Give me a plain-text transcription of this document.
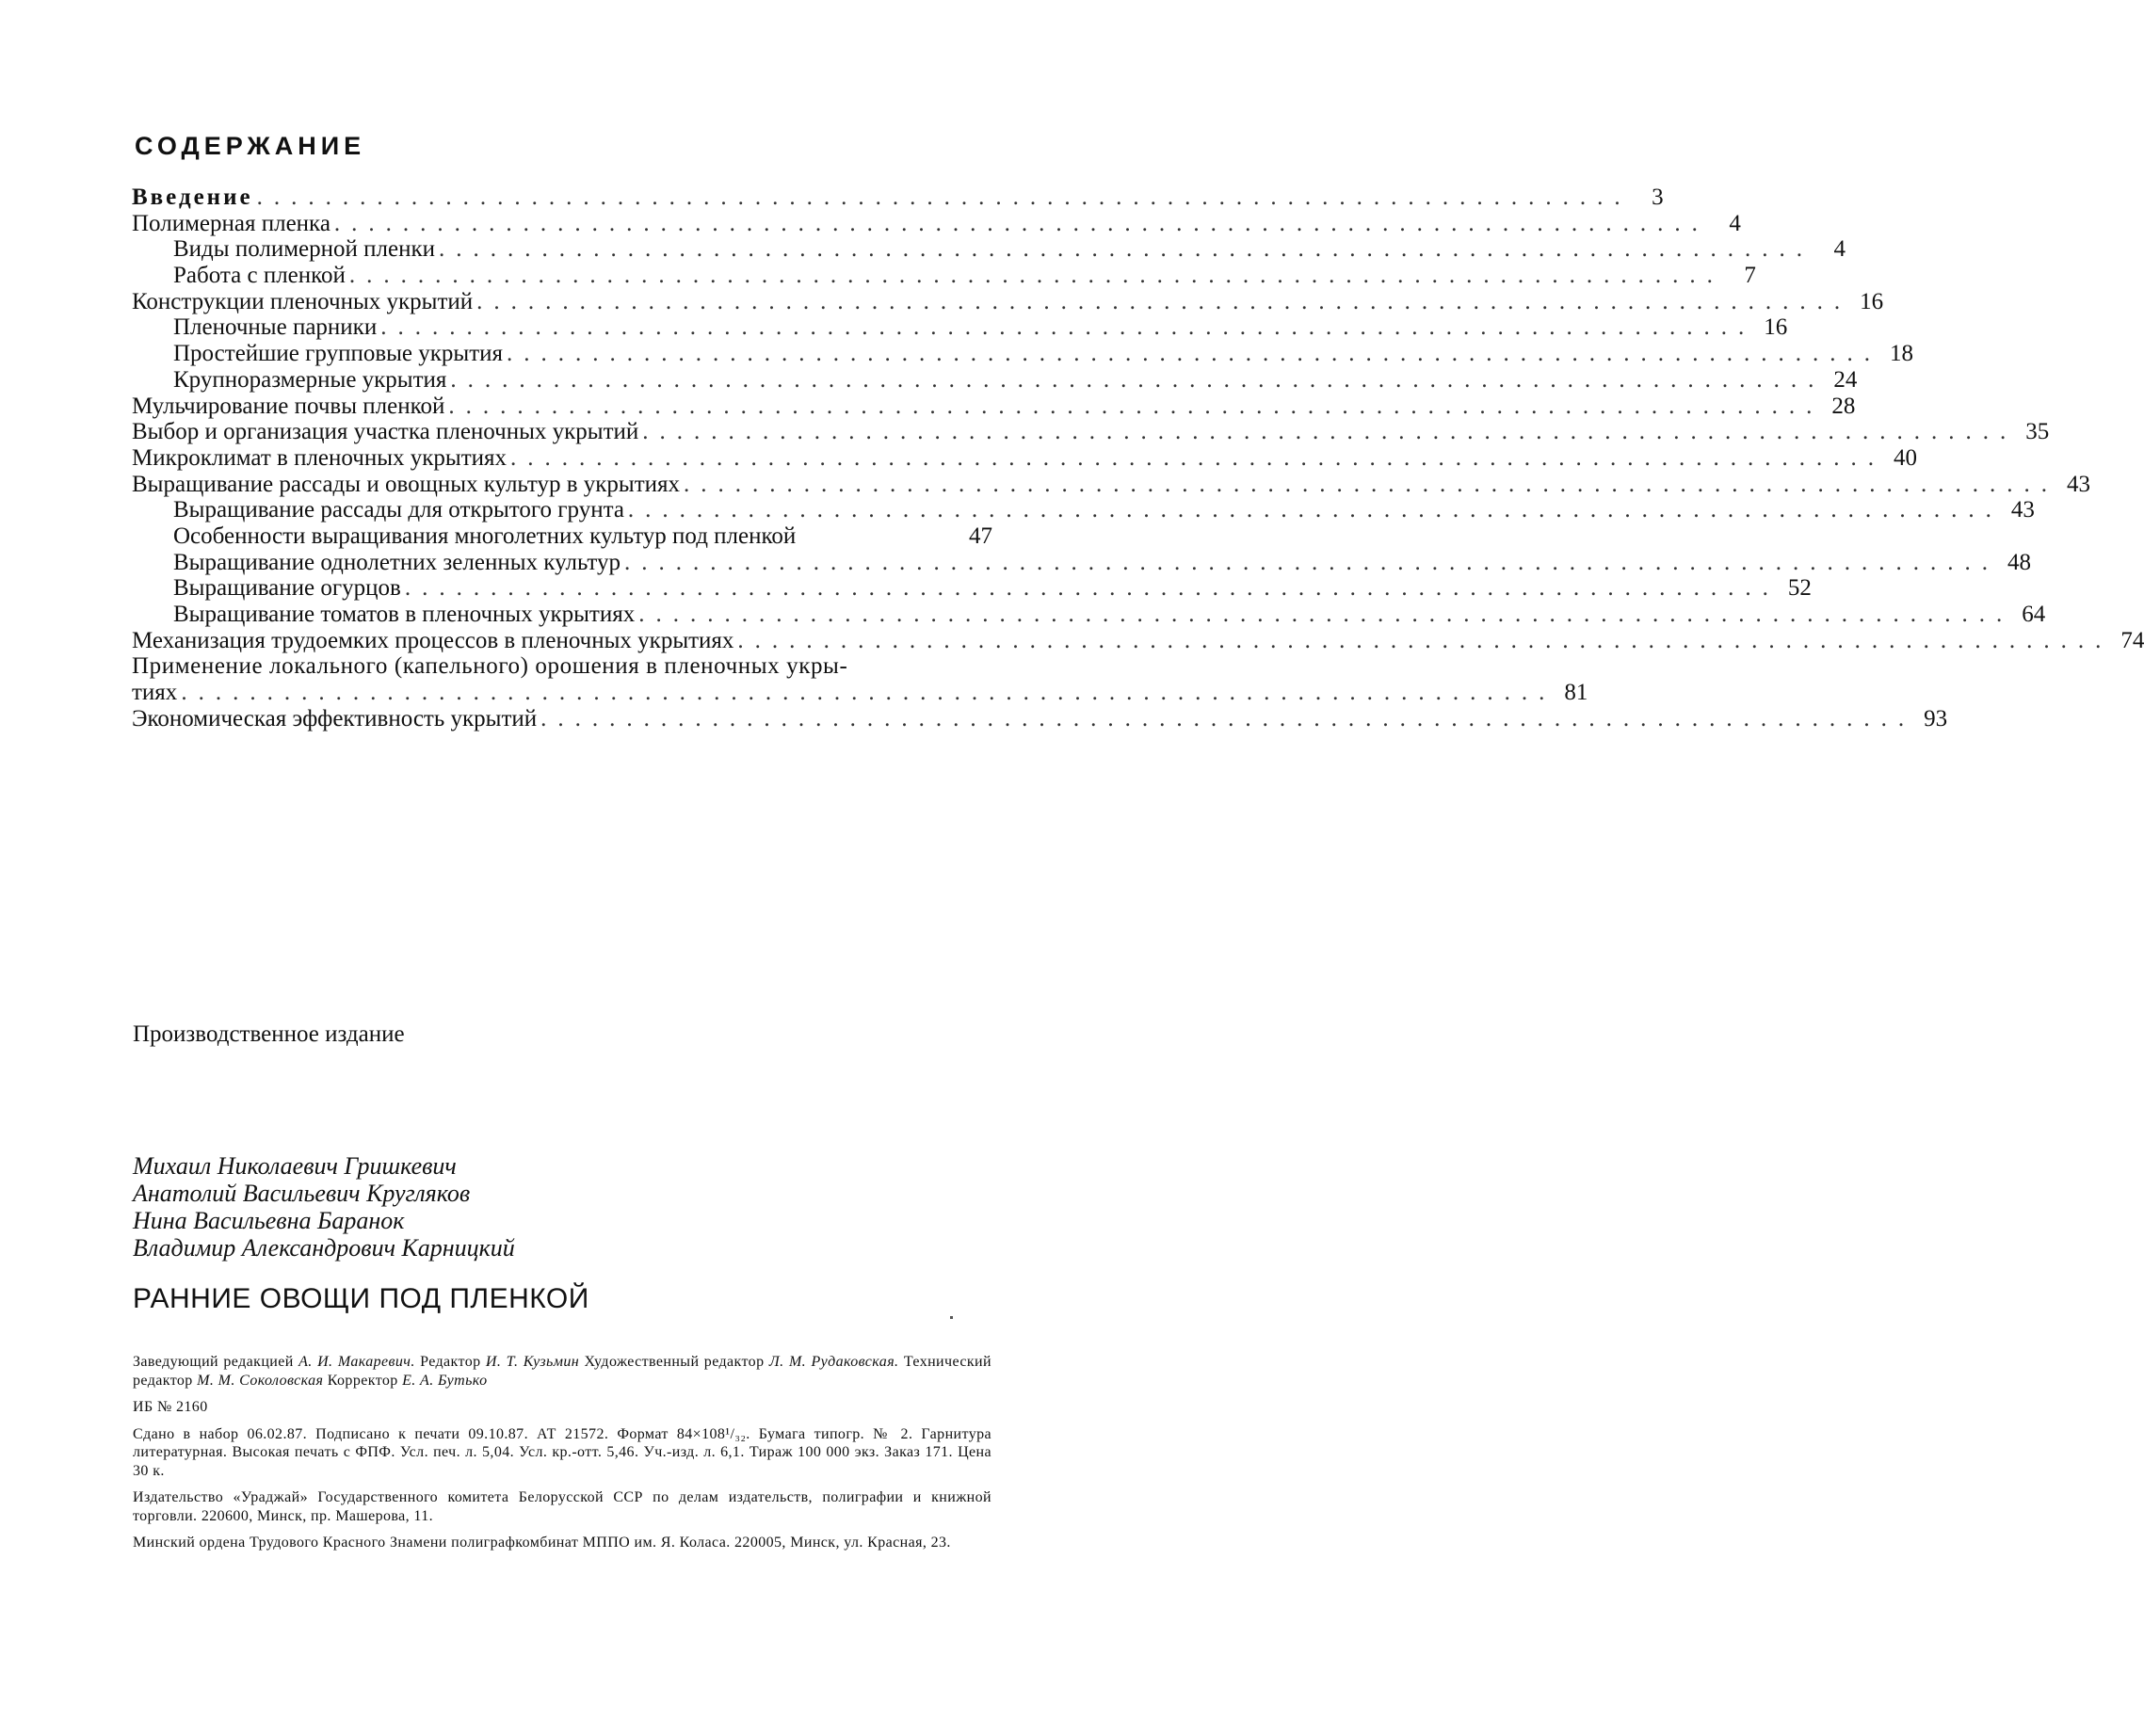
СОДЕРЖАНИЕ
Введение ................................................................................ 3
Полимерная пленка ................................................................................ 4
Виды полимерной пленки ................................................................................ 4
Работа с пленкой ................................................................................ 7
Конструкции пленочных укрытий ................................................................................ 16
Пленочные парники ................................................................................ 16
Простейшие групповые укрытия ................................................................................ 18
Крупноразмерные укрытия ................................................................................ 24
Мульчирование почвы пленкой ................................................................................ 28
Выбор и организация участка пленочных укрытий ................................................................................ 35
Микроклимат в пленочных укрытиях ................................................................................ 40
Выращивание рассады и овощных культур в укрытиях ................................................................................ 43
Выращивание рассады для открытого грунта ................................................................................ 43
Особенности выращивания многолетних культур под пленкой	47
Выращивание однолетних зеленных культур ................................................................................ 48
Выращивание огурцов ................................................................................ 52
Выращивание томатов в пленочных укрытиях ................................................................................ 64
Механизация трудоемких процессов в пленочных укрытиях ................................................................................ 74
Применение локального (капельного) орошения в пленочных укры-
тиях ................................................................................ 81
Экономическая эффективность укрытий ................................................................................ 93
Производственное издание
Михаил Николаевич Гришкевич
Анатолий Васильевич Кругляков
Нина Васильевна Баранок
Владимир Александрович Карницкий
РАННИЕ ОВОЩИ ПОД ПЛЕНКОЙ

Заведующий редакцией А. И. Макаревич. Редактор И. Т. Кузьмин Художественный редактор Л. М. Рудаковская. Технический редактор М. М. Соколовская Корректор Е. А. Бутько

ИБ № 2160

Сдано в набор 06.02.87. Подписано к печати 09.10.87. АТ 21572. Формат 84×108¹/₃₂. Бумага типогр. № 2. Гарнитура литературная. Высокая печать с ФПФ. Усл. печ. л. 5,04. Усл. кр.-отт. 5,46. Уч.-изд. л. 6,1. Тираж 100 000 экз. Заказ 171. Цена 30 к.

Издательство «Ураджай» Государственного комитета Белорусской ССР по делам издательств, полиграфии и книжной торговли. 220600, Минск, пр. Машерова, 11.

Минский ордена Трудового Красного Знамени полиграфкомбинат МППО им. Я. Коласа. 220005, Минск, ул. Красная, 23.
